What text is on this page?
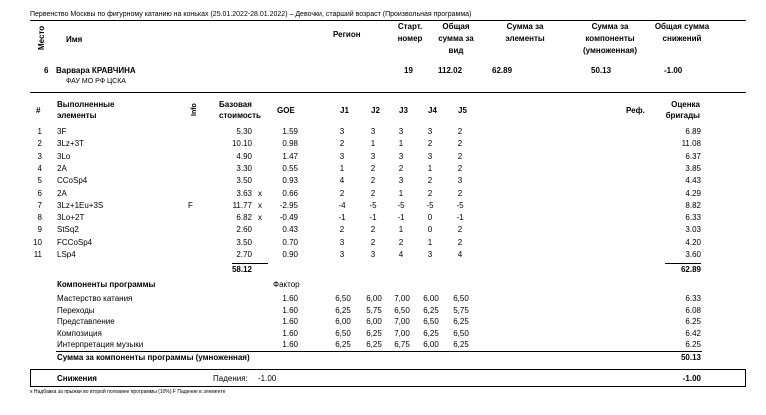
Первенство Москвы по фигурному катанию на коньках (25.01.2022-28.01.2022) – Девочки, старший возраст (Произвольная программа)
Место	Имя
Регион
Старт. номер
Общая сумма за вид
Сумма за элементы
Сумма за компоненты (умноженная)
Общая сумма снижений
6 Варвара КРАВЧИНА
ФАУ МО РФ ЦСКА
19	112.02	62.89	50.13	-1.00
#
Выполненные элементы	Info	Базовая стоимость
GOE	J1	J2 J3	J4	J5	Реф.
Оценка бригады
1 3F	5.30	1.59	3	3	3	3	2	6.89
2 3Lz+3T	10.10	0.98	2	1	1	2	2	11.08
3 3Lo	4.90	1.47	3	3	3	3	2	6.37
4 2A	3.30	0.55	1	2	2	1	2	3.85
5 CCoSp4	3.50	0.93	4	2	3	2	3	4.43
6 2A	3.63 x	0.66	2	2	1	2	2	4.29
7 3Lz+1Eu+3S	F	11.77 x -2.95	-4	-5	-5	-5	-5	8.82
8 3Lo+2T	6.82 x -0.49	-1	-1	-1	0	-1	6.33
9 StSq2	2.60	0.43	2	2	1	0	2	3.03
10 FCCoSp4	3.50	0.70	3	2	2	1	2	4.20
11 LSp4	2.70	0.90	3	3	4	3	4	3.60
58.12	62.89
Компоненты программы	Фактор
Мастерство катания	1.60	6,50	6,00	7,00	6,00	6,50	6.33
Переходы	1.60	6,25	5,75	6,50	6,25	5,75	6.08
Представление	1.60	6,00	6,00	7,00	6,50	6,25	6.25
Композиция	1.60	6,50	6,25	7,00	6,25	6,50	6.42
Интерпретация музыки	1.60	6,25	6,25	6,75	6,00	6,25	6.25
Сумма за компоненты программы (умноженная)	50.13
Снижения	Падения: -1.00	-1.00
x Надбавка за прыжки во второй половине программы (10%) F Падение в элементе
